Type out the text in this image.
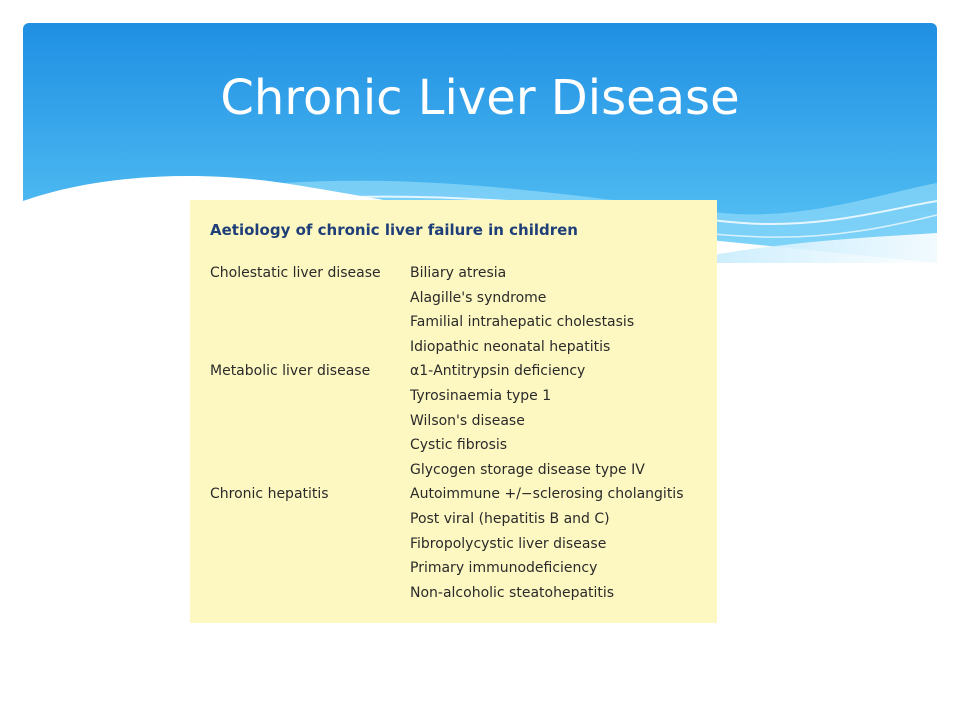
Chronic Liver Disease
Aetiology of chronic liver failure in children
Cholestatic liver disease	Biliary atresia
Alagille's syndrome
Familial intrahepatic cholestasis
Idiopathic neonatal hepatitis
Metabolic liver disease	α1-Antitrypsin deficiency
Tyrosinaemia type 1
Wilson's disease
Cystic fibrosis
Glycogen storage disease type IV
Chronic hepatitis	Autoimmune +/−sclerosing cholangitis
Post viral (hepatitis B and C)
Fibropolycystic liver disease
Primary immunodeficiency
Non-alcoholic steatohepatitis
